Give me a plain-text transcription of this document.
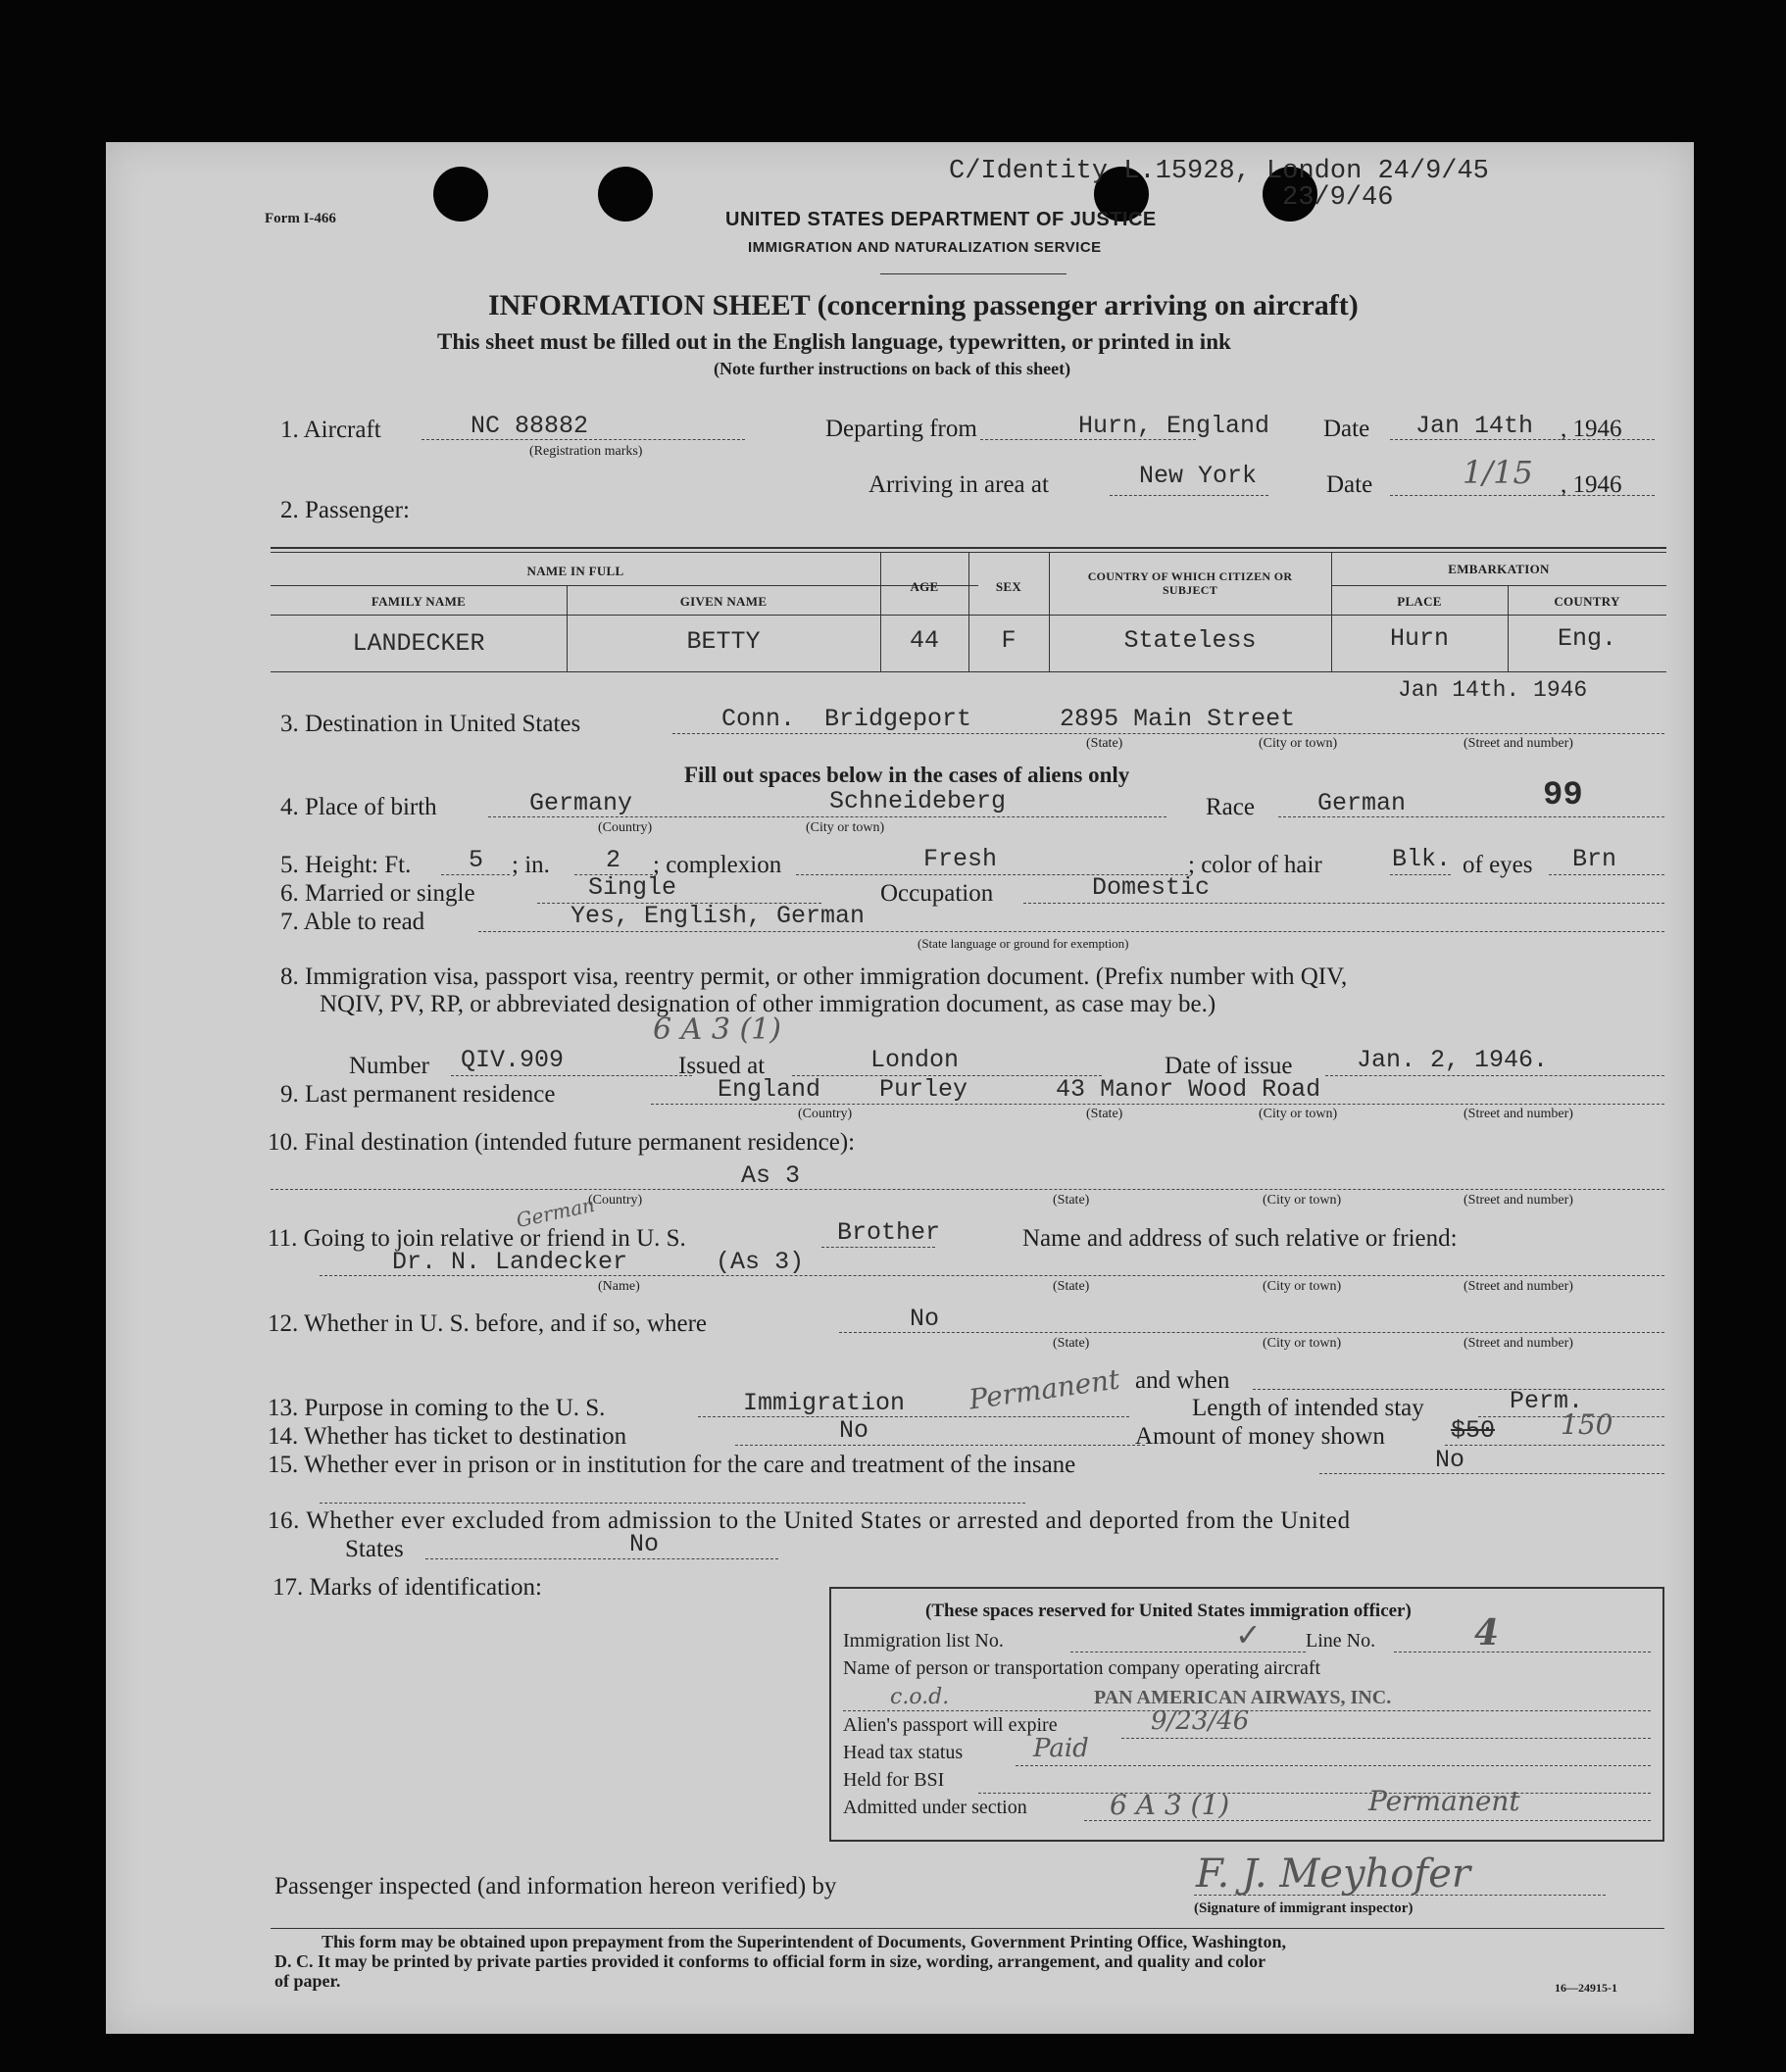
Form I-466
C/Identity L.15928, London 24/9/45
23/9/46
UNITED STATES DEPARTMENT OF JUSTICE
IMMIGRATION AND NATURALIZATION SERVICE
INFORMATION SHEET (concerning passenger arriving on aircraft)
This sheet must be filled out in the English language, typewritten, or printed in ink
(Note further instructions on back of this sheet)
1. Aircraft	NC 88882
(Registration marks)
Departing from	Hurn, England Date Jan 14th , 1946
Arriving in area at	New York	Date	1/15 , 1946
2. Passenger:
NAME IN FULL
FAMILY NAME	GIVEN NAME
AGE	SEX
COUNTRY OF WHICH CITIZEN OR SUBJECT
EMBARKATION
PLACE	COUNTRY
LANDECKER	BETTY	44	F	Stateless	Hurn	Eng.
Jan 14th. 1946
3. Destination in United States	Conn.  Bridgeport      2895 Main Street
(State)	(City or town)	(Street and number)
Fill out spaces below in the cases of aliens only
4. Place of birth	Germany	Schneideberg
(Country)	(City or town)
Race	German	99
5. Height: Ft. 5 ; in. 2 ; complexion	Fresh	; color of hair	Blk. of eyes Brn
6. Married or single	Single	Occupation	Domestic
7. Able to read	Yes, English, German
(State language or ground for exemption)
8. Immigration visa, passport visa, reentry permit, or other immigration document. (Prefix number with QIV,
NQIV, PV, RP, or abbreviated designation of other immigration document, as case may be.)
6 A 3 (1)
Number QIV.909	Issued at	London	Date of issue	Jan. 2, 1946.
9. Last permanent residence	England    Purley      43 Manor Wood Road
(Country)	(State)	(City or town)	(Street and number)
10. Final destination (intended future permanent residence):
As 3
(Country)	(State)	(City or town)	(Street and number)
11. Going to join relative or friend in U. S.
German
Brother	Name and address of such relative or friend:
Dr. N. Landecker      (As 3)
(Name)	(State)	(City or town)	(Street and number)
12. Whether in U. S. before, and if so, where	No
(State)	(City or town)	(Street and number)
and when
13. Purpose in coming to the U. S.	Immigration Permanent	Length of intended stay	Perm.
14. Whether has ticket to destination	No	Amount of money shown	$50 150
15. Whether ever in prison or in institution for the care and treatment of the insane	No
16. Whether ever excluded from admission to the United States or arrested and deported from the United
States	No
17. Marks of identification:
(These spaces reserved for United States immigration officer)
Immigration list No.	✓ Line No.	4
Name of person or transportation company operating aircraft
c.o.d.	PAN AMERICAN AIRWAYS, INC.
Alien's passport will expire	9/23/46
Head tax status	Paid
Held for BSI
Admitted under section	6 A 3 (1)	Permanent
Passenger inspected (and information hereon verified) by	F. J. Meyhofer
(Signature of immigrant inspector)
This form may be obtained upon prepayment from the Superintendent of Documents, Government Printing Office, Washington,
D. C. It may be printed by private parties provided it conforms to official form in size, wording, arrangement, and quality and color
of paper.	16—24915-1
